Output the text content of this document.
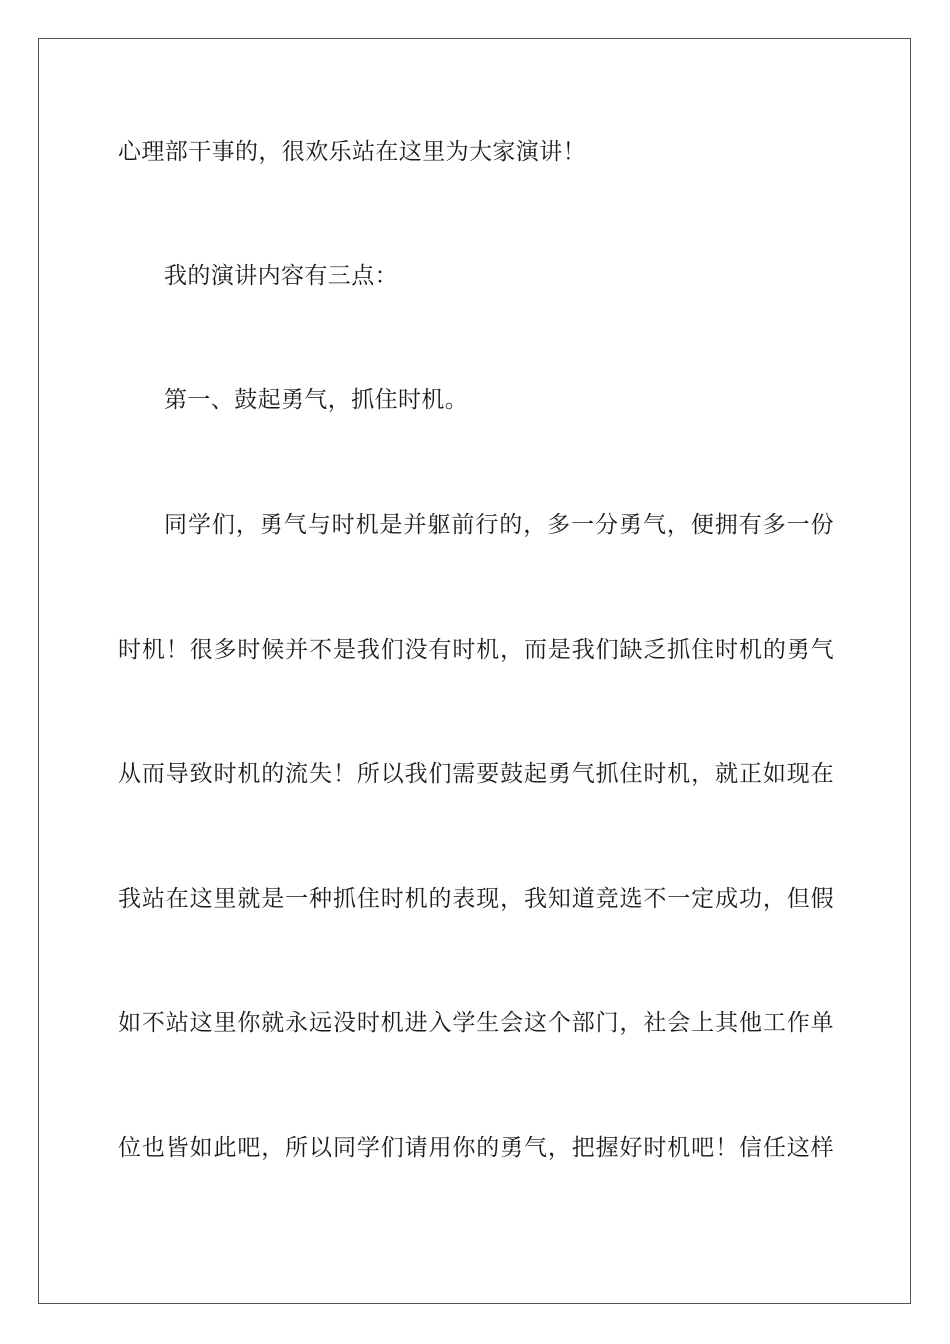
心理部干事的，很欢乐站在这里为大家演讲！
我的演讲内容有三点：
第一、鼓起勇气，抓住时机。
同学们，勇气与时机是并躯前行的，多一分勇气，便拥有多一份
时机！很多时候并不是我们没有时机，而是我们缺乏抓住时机的勇气
从而导致时机的流失！所以我们需要鼓起勇气抓住时机，就正如现在
我站在这里就是一种抓住时机的表现，我知道竞选不一定成功，但假
如不站这里你就永远没时机进入学生会这个部门，社会上其他工作单
位也皆如此吧，所以同学们请用你的勇气，把握好时机吧！信任这样
